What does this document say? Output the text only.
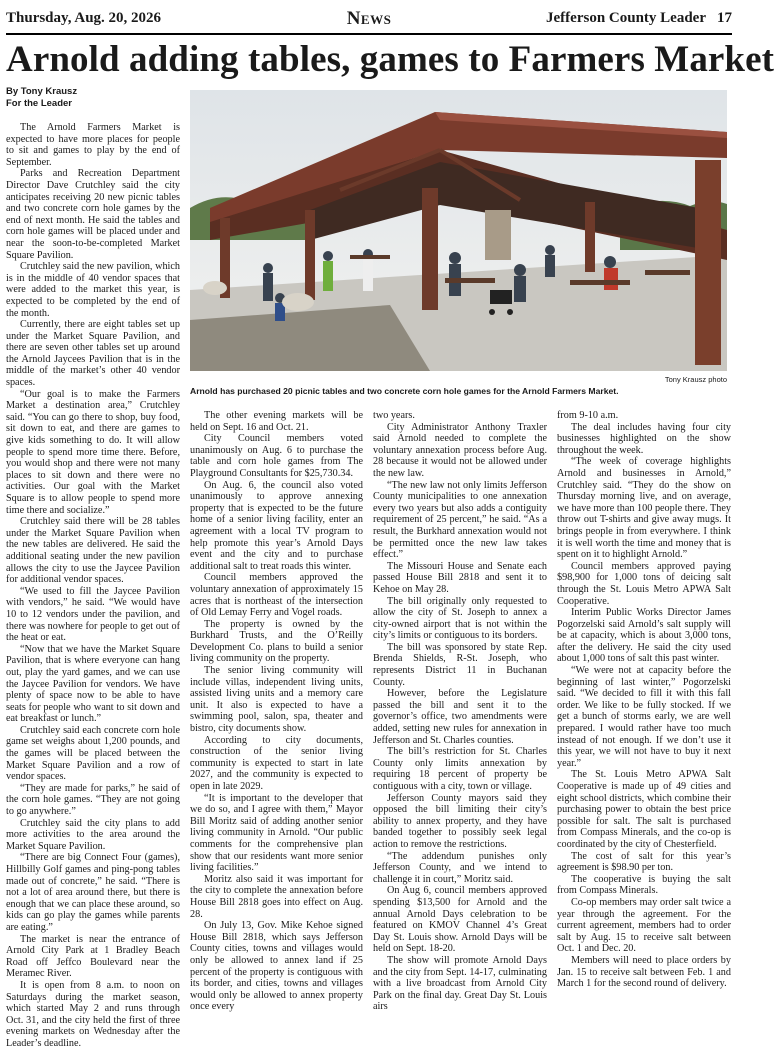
Thursday, Aug. 20, 2026	News	Jefferson County Leader 17
Arnold adding tables, games to Farmers Market
By Tony Krausz
For the Leader
Tony Krausz photo
Arnold has purchased 20 picnic tables and two concrete corn hole games for the Arnold Farmers Market.

The Arnold Farmers Market is expected to have more places for people to sit and games to play by the end of September.

Parks and Recreation Department Director Dave Crutchley said the city anticipates receiving 20 new picnic tables and two concrete corn hole games by the end of next month. He said the tables and corn hole games will be placed under and near the soon-to-be-completed Market Square Pavilion.

Crutchley said the new pavilion, which is in the middle of 40 vendor spaces that were added to the market this year, is expected to be completed by the end of the month.

Currently, there are eight tables set up under the Market Square Pavilion, and there are seven other tables set up around the Arnold Jaycees Pavilion that is in the middle of the market’s other 40 vendor spaces.

“Our goal is to make the Farmers Market a destination area,” Crutchley said. “You can go there to shop, buy food, sit down to eat, and there are games to give kids something to do. It will allow people to spend more time there. Before, you would shop and there were not many places to sit down and there were no activities. Our goal with the Market Square is to allow people to spend more time there and socialize.”

Crutchley said there will be 28 tables under the Market Square Pavilion when the new tables are delivered. He said the additional seating under the new pavilion allows the city to use the Jaycee Pavilion for additional vendor spaces.

“We used to fill the Jaycee Pavilion with vendors,” he said. “We would have 10 to 12 vendors under the pavilion, and there was nowhere for people to get out of the heat or eat.

“Now that we have the Market Square Pavilion, that is where everyone can hang out, play the yard games, and we can use the Jaycee Pavilion for vendors. We have plenty of space now to be able to have seats for people who want to sit down and eat breakfast or lunch.”

Crutchley said each concrete corn hole game set weighs about 1,200 pounds, and the games will be placed between the Market Square Pavilion and a row of vendor spaces.

“They are made for parks,” he said of the corn hole games. “They are not going to go anywhere.”

Crutchley said the city plans to add more activities to the area around the Market Square Pavilion.

“There are big Connect Four (games), Hillbilly Golf games and ping-pong tables made out of concrete,” he said. “There is not a lot of area around there, but there is enough that we can place these around, so kids can go play the games while parents are eating.”

The market is near the entrance of Arnold City Park at 1 Bradley Beach Road off Jeffco Boulevard near the Meramec River.

It is open from 8 a.m. to noon on Saturdays during the market season, which started May 2 and runs through Oct. 31, and the city held the first of three evening markets on Wednesday after the Leader’s deadline.

The other evening markets will be held on Sept. 16 and Oct. 21.

City Council members voted unanimously on Aug. 6 to purchase the table and corn hole games from The Playground Consultants for $25,730.34.

On Aug. 6, the council also voted unanimously to approve annexing property that is expected to be the future home of a senior living facility, enter an agreement with a local TV program to help promote this year’s Arnold Days event and the city and to purchase additional salt to treat roads this winter.

Council members approved the voluntary annexation of approximately 15 acres that is northeast of the intersection of Old Lemay Ferry and Vogel roads.

The property is owned by the Burkhard Trusts, and the O’Reilly Development Co. plans to build a senior living community on the property.

The senior living community will include villas, independent living units, assisted living units and a memory care unit. It also is expected to have a swimming pool, salon, spa, theater and bistro, city documents show.

According to city documents, construction of the senior living community is expected to start in late 2027, and the community is expected to open in late 2029.

“It is important to the developer that we do so, and I agree with them,” Mayor Bill Moritz said of adding another senior living community in Arnold. “Our public comments for the comprehensive plan show that our residents want more senior living facilities.”

Moritz also said it was important for the city to complete the annexation before House Bill 2818 goes into effect on Aug. 28.

On July 13, Gov. Mike Kehoe signed House Bill 2818, which says Jefferson County cities, towns and villages would only be allowed to annex land if 25 percent of the property is contiguous with its border, and cities, towns and villages would only be allowed to annex property once every

two years.

City Administrator Anthony Traxler said Arnold needed to complete the voluntary annexation process before Aug. 28 because it would not be allowed under the new law.

“The new law not only limits Jefferson County municipalities to one annexation every two years but also adds a contiguity requirement of 25 percent,” he said. “As a result, the Burkhard annexation would not be permitted once the new law takes effect.”

The Missouri House and Senate each passed House Bill 2818 and sent it to Kehoe on May 28.

The bill originally only requested to allow the city of St. Joseph to annex a city-owned airport that is not within the city’s limits or contiguous to its borders.

The bill was sponsored by state Rep. Brenda Shields, R-St. Joseph, who represents District 11 in Buchanan County.

However, before the Legislature passed the bill and sent it to the governor’s office, two amendments were added, setting new rules for annexation in Jefferson and St. Charles counties.

The bill’s restriction for St. Charles County only limits annexation by requiring 18 percent of property be contiguous with a city, town or village.

Jefferson County mayors said they opposed the bill limiting their city’s ability to annex property, and they have banded together to possibly seek legal action to remove the restrictions.

“The addendum punishes only Jefferson County, and we intend to challenge it in court,” Moritz said.

On Aug 6, council members approved spending $13,500 for Arnold and the annual Arnold Days celebration to be featured on KMOV Channel 4’s Great Day St. Louis show. Arnold Days will be held on Sept. 18-20.

The show will promote Arnold Days and the city from Sept. 14-17, culminating with a live broadcast from Arnold City Park on the final day. Great Day St. Louis airs

from 9-10 a.m.

The deal includes having four city businesses highlighted on the show throughout the week.

“The week of coverage highlights Arnold and businesses in Arnold,” Crutchley said. “They do the show on Thursday morning live, and on average, we have more than 100 people there. They throw out T-shirts and give away mugs. It brings people in from everywhere. I think it is well worth the time and money that is spent on it to highlight Arnold.”

Council members approved paying $98,900 for 1,000 tons of deicing salt through the St. Louis Metro APWA Salt Cooperative.

Interim Public Works Director James Pogorzelski said Arnold’s salt supply will be at capacity, which is about 3,000 tons, after the delivery. He said the city used about 1,000 tons of salt this past winter.

“We were not at capacity before the beginning of last winter,” Pogorzelski said. “We decided to fill it with this fall order. We like to be fully stocked. If we get a bunch of storms early, we are well prepared. I would rather have too much instead of not enough. If we don’t use it this year, we will not have to buy it next year.”

The St. Louis Metro APWA Salt Cooperative is made up of 49 cities and eight school districts, which combine their purchasing power to obtain the best price possible for salt. The salt is purchased from Compass Minerals, and the co-op is coordinated by the city of Chesterfield.

The cost of salt for this year’s agreement is $98.90 per ton.

The cooperative is buying the salt from Compass Minerals.

Co-op members may order salt twice a year through the agreement. For the current agreement, members had to order salt by Aug. 15 to receive salt between Oct. 1 and Dec. 20.

Members will need to place orders by Jan. 15 to receive salt between Feb. 1 and March 1 for the second round of delivery.
